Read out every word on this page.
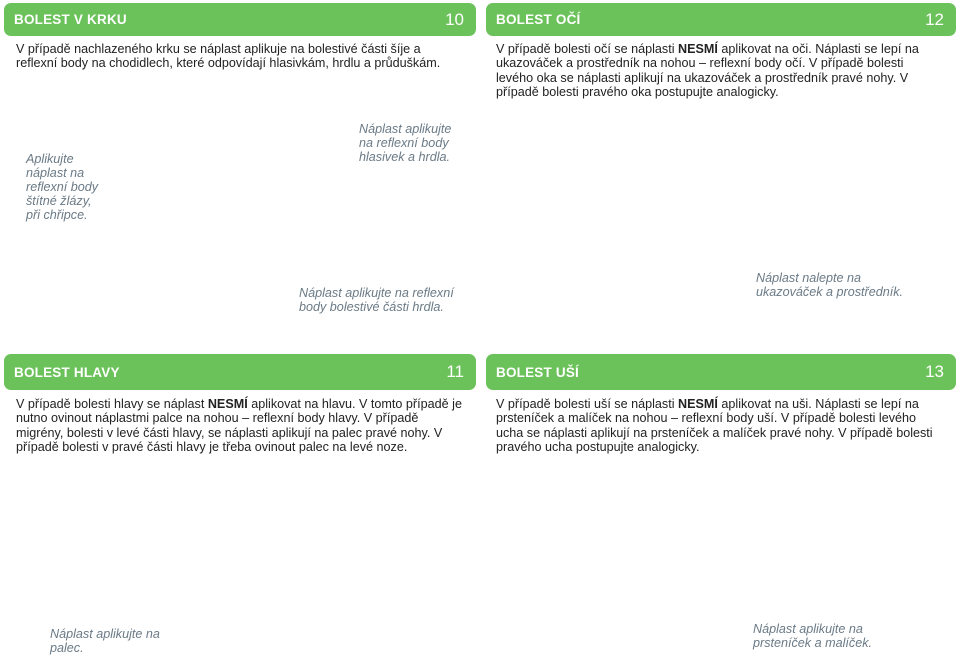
BOLEST V KRKU	10

V případě nachlazeného krku se náplast aplikuje na bolestivé části šíje a reflexní body na chodidlech, které odpovídají hlasivkám, hrdlu a průduškám.

Aplikujte
náplast na
reflexní body
štítné žlázy,
při chřipce.
Náplast aplikujte
na reflexní body
hlasivek a hrdla.
Náplast aplikujte na reflexní
body bolestivé části hrdla.
BOLEST OČÍ	12

V případě bolesti očí se náplasti NESMÍ aplikovat na oči. Náplasti se lepí na ukazováček a prostředník na nohou – reflexní body očí. V případě bolesti levého oka se náplasti aplikují na ukazováček a prostředník pravé nohy. V případě bolesti pravého oka postupujte analogicky.

Náplast nalepte na
ukazováček a prostředník.
BOLEST HLAVY	11

V případě bolesti hlavy se náplast NESMÍ aplikovat na hlavu. V tomto případě je nutno ovinout náplastmi palce na nohou – reflexní body hlavy. V případě migrény, bolesti v levé části hlavy, se náplasti aplikují na palec pravé nohy. V případě bolesti v pravé části hlavy je třeba ovinout palec na levé noze.

Náplast aplikujte na
palec.
BOLEST UŠÍ	13

V případě bolesti uší se náplasti NESMÍ aplikovat na uši. Náplasti se lepí na prsteníček a malíček na nohou – reflexní body uší. V případě bolesti levého ucha se náplasti aplikují na prsteníček a malíček pravé nohy. V případě bolesti pravého ucha postupujte analogicky.

Náplast aplikujte na
prsteníček a malíček.
